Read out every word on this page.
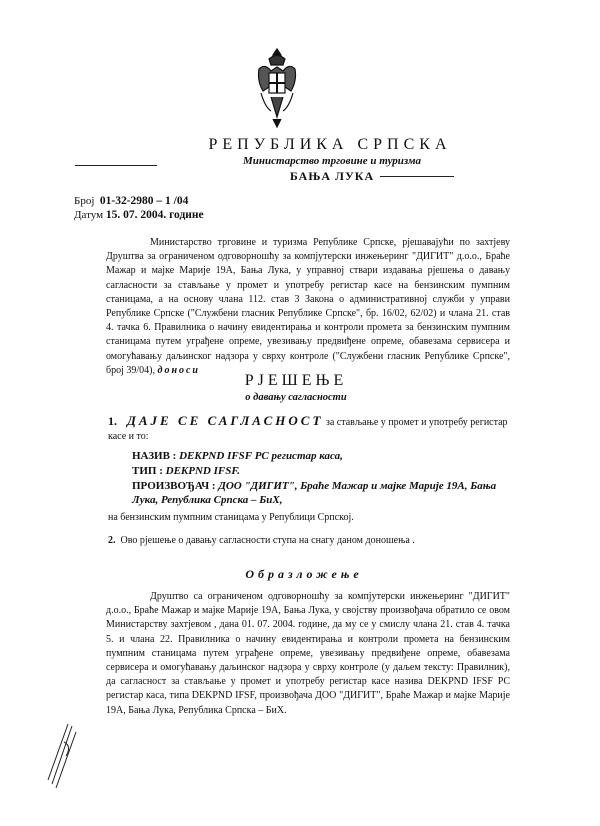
РЕПУБЛИКА СРПСКА
Министарство трговине и туризма
БАЊА ЛУКА
Број 01-32-2980 – 1 /04
Датум 15. 07. 2004. године

Министарство трговине и туризма Републике Српске, рјешавајући по захтјеву Друштва за ограниченом одговорношћу за компјутерски инжењеринг "ДИГИТ" д.о.о., Браће Мажар и мајке Марије 19А, Бања Лука, у управној ствари издавања рјешења о давању сагласности за стављање у промет и употребу регистар касе на бензинским пумпним станицама, а на основу члана 112. став 3 Закона о административној служби у управи Републике Српске ("Службени гласник Републике Српске", бр. 16/02, 62/02) и члана 21. став 4. тачка 6. Правилника о начину евидентирања и контроли промета за бензинским пумпним станицама путем уграђене опреме, увезивању предвиђене опреме, обавезама сервисера и омогућавању даљинског надзора у сврху контроле ("Службени гласник Републике Српске", број 39/04), доноси

РЈЕШЕЊЕ
о давању сагласности
1. ДАЈЕ СЕ САГЛАСНОСТ за стављање у промет и употребу регистар касе и то:
НАЗИВ : DEKPND IFSF PC регистар каса,
ТИП : DEKPND IFSF.
ПРОИЗВОЂАЧ : ДОО "ДИГИТ", Браће Мажар и мајке Марије 19А, Бања Лука, Република Српска – БиХ,
на бензинским пумпним станицама у Републици Српској.
2. Ово рјешење о давању сагласности ступа на снагу даном доношења .
Образложење

Друштво са ограниченом одговорношћу за компјутерски инжењеринг "ДИГИТ" д.о.о., Браће Мажар и мајке Марије 19А, Бања Лука, у својству произвођача обратило се овом Министарству захтјевом , дана 01. 07. 2004. године, да му се у смислу члана 21. став 4. тачка 5. и члана 22. Правилника о начину евидентирања и контроли промета на бензинским пумпним станицама путем уграђене опреме, увезивању предвиђене опреме, обавезама сервисера и омогућавању даљинског надзора у сврху контроле (у даљем тексту: Правилник), да сагласност за стављање у промет и употребу регистар касе назива DEKPND IFSF PC регистар каса, типа DEKPND IFSF, произвођача ДОО "ДИГИТ", Браће Мажар и мајке Марије 19А, Бања Лука, Република Српска – БиХ.
